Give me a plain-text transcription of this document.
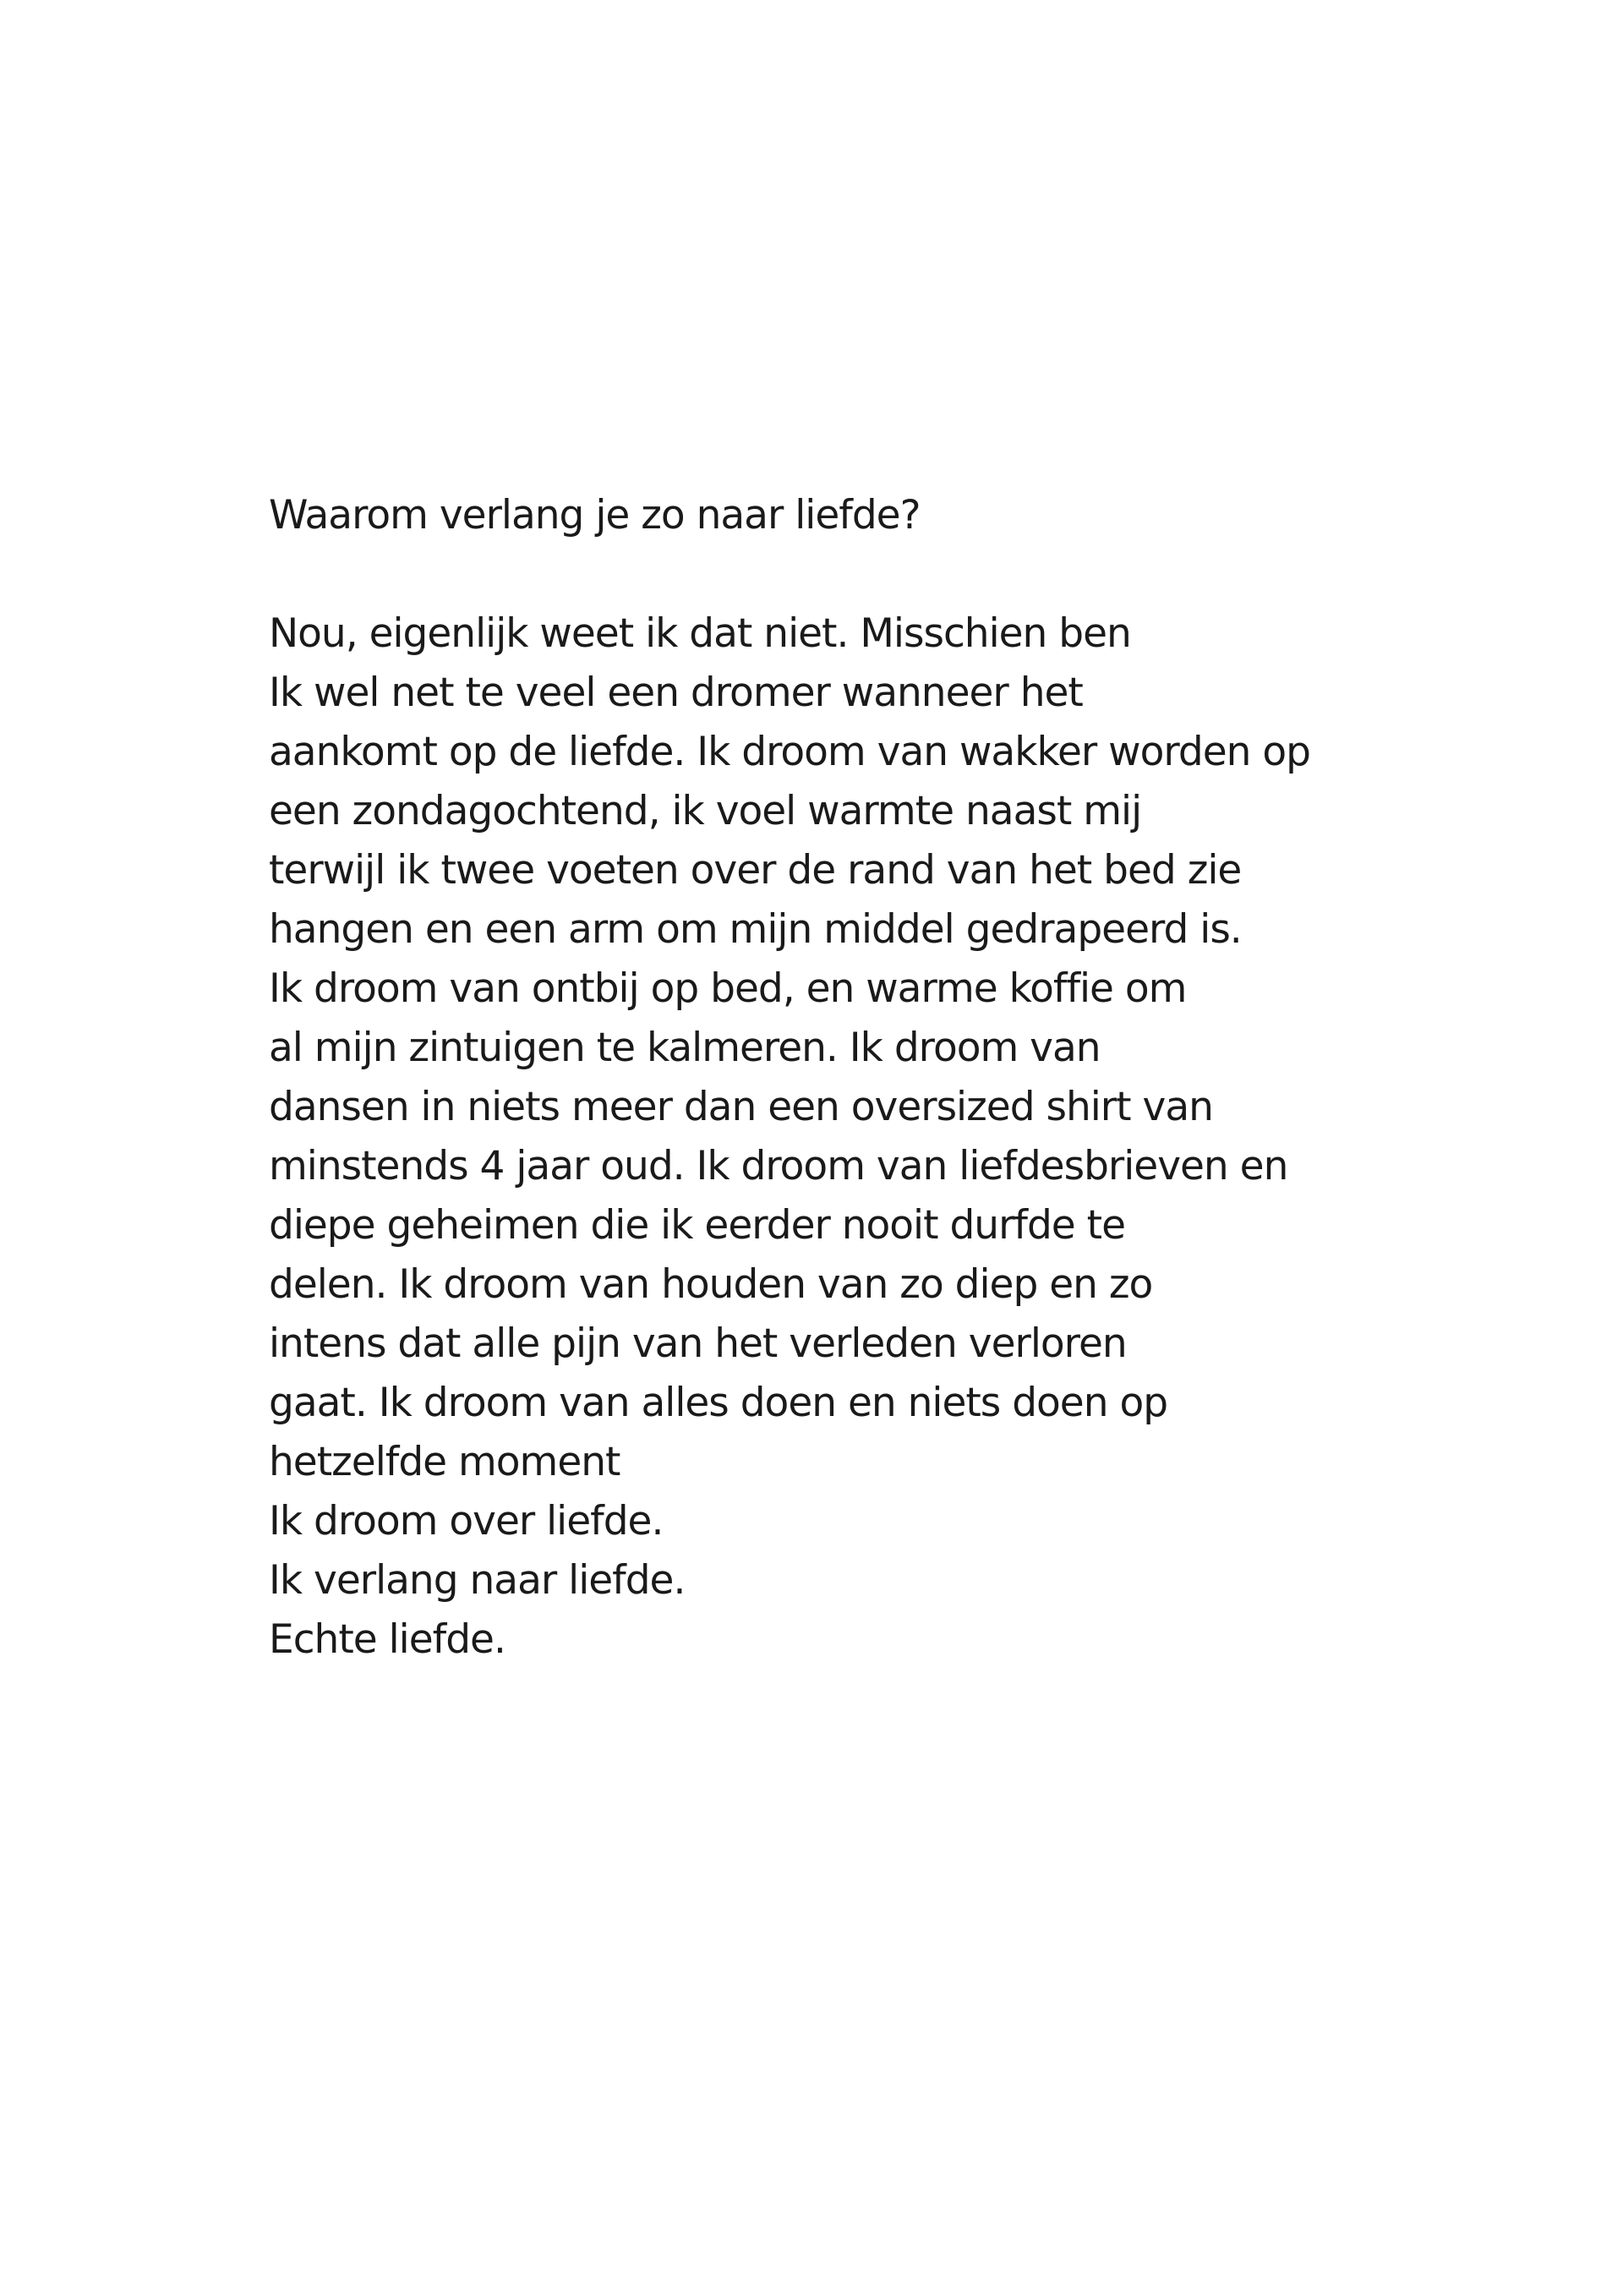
Waarom verlang je zo naar liefde?
Nou, eigenlijk weet ik dat niet. Misschien ben
Ik wel net te veel een dromer wanneer het
aankomt op de liefde. Ik droom van wakker worden op
een zondagochtend, ik voel warmte naast mij
terwijl ik twee voeten over de rand van het bed zie
hangen en een arm om mijn middel gedrapeerd is.
Ik droom van ontbij op bed, en warme koffie om
al mijn zintuigen te kalmeren. Ik droom van
dansen in niets meer dan een oversized shirt van
minstends 4 jaar oud. Ik droom van liefdesbrieven en
diepe geheimen die ik eerder nooit durfde te
delen. Ik droom van houden van zo diep en zo
intens dat alle pijn van het verleden verloren
gaat. Ik droom van alles doen en niets doen op
hetzelfde moment
Ik droom over liefde.
Ik verlang naar liefde.
Echte liefde.
